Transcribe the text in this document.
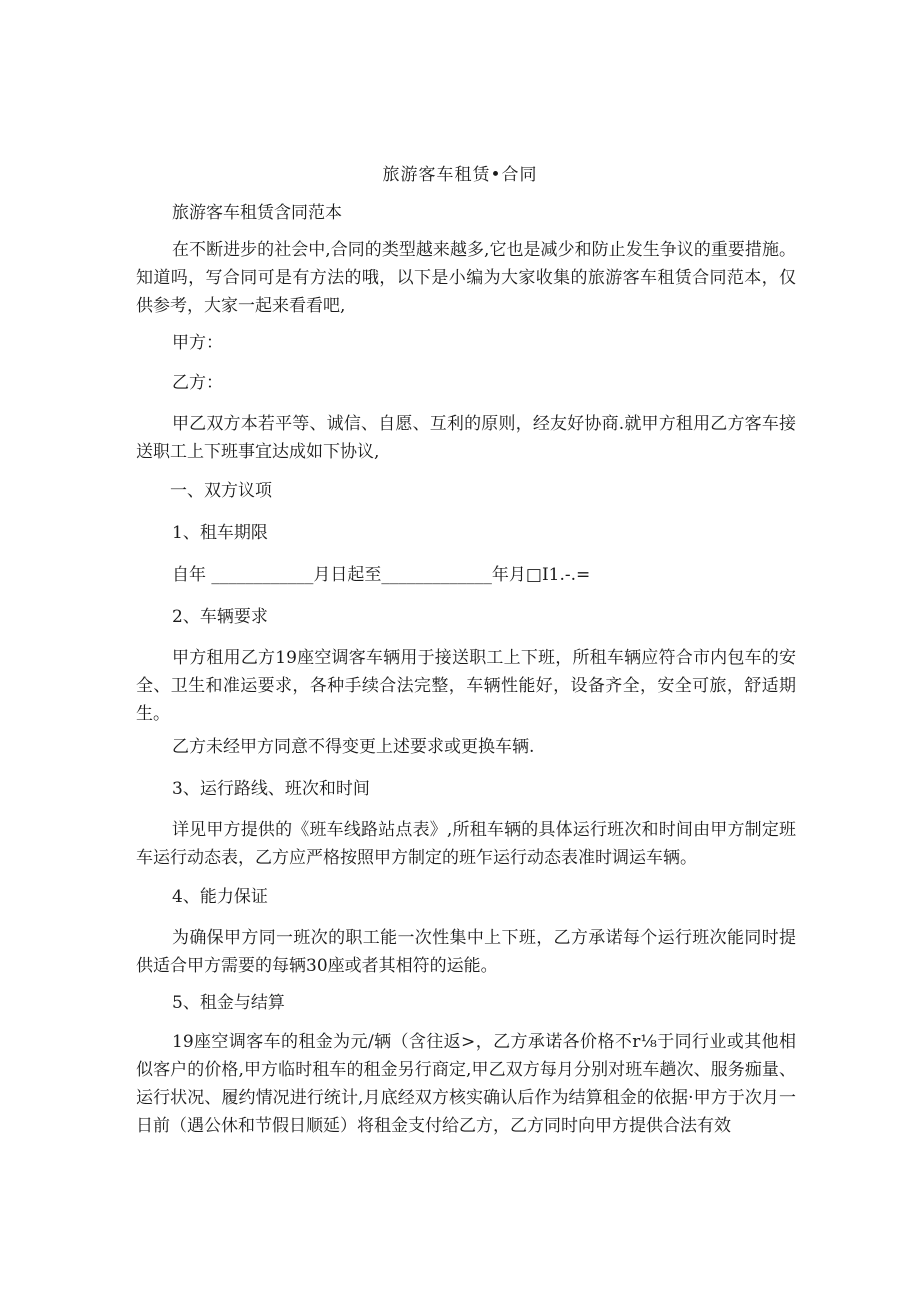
旅游客车租赁•合同
旅游客车租赁含同范本
在不断进步的社会中,合同的类型越来越多,它也是减少和防止发生争议的重要措施。知道吗，写合同可是有方法的哦，以下是小编为大家收集的旅游客车租赁合同范本，仅供参考，大家一起来看看吧,
甲方：
乙方：
甲乙双方本若平等、诚信、自愿、互利的原则，经友好协商.就甲方租用乙方客车接送职工上下班事宜达成如下协议,
一、双方议项
1、租车期限
自年 ____________月日起至_____________年月□I1.-.=
2、车辆要求
甲方租用乙方19座空调客车辆用于接送职工上下班，所租车辆应符合市内包车的安全、卫生和准运要求，各种手续合法完整，车辆性能好，设备齐全，安全可旅，舒适期生。
乙方未经甲方同意不得变更上述要求或更换车辆.
3、运行路线、班次和时间
详见甲方提供的《班车线路站点表》,所租车辆的具体运行班次和时间由甲方制定班车运行动态表，乙方应严格按照甲方制定的班乍运行动态表准时调运车辆。
4、能力保证
为确保甲方同一班次的职工能一次性集中上下班，乙方承诺每个运行班次能同时提供适合甲方需要的每辆30座或者其相符的运能。
5、租金与结算
19座空调客车的租金为元/辆（含往返>，乙方承诺各价格不r⅛于同行业或其他相似客户的价格,甲方临时租车的租金另行商定,甲乙双方每月分别对班车趟次、服务痂量、运行状况、履约情况进行统计,月底经双方核实确认后作为结算租金的依据·甲方于次月一日前（遇公休和节假日顺延）将租金支付给乙方，乙方同时向甲方提供合法有效
